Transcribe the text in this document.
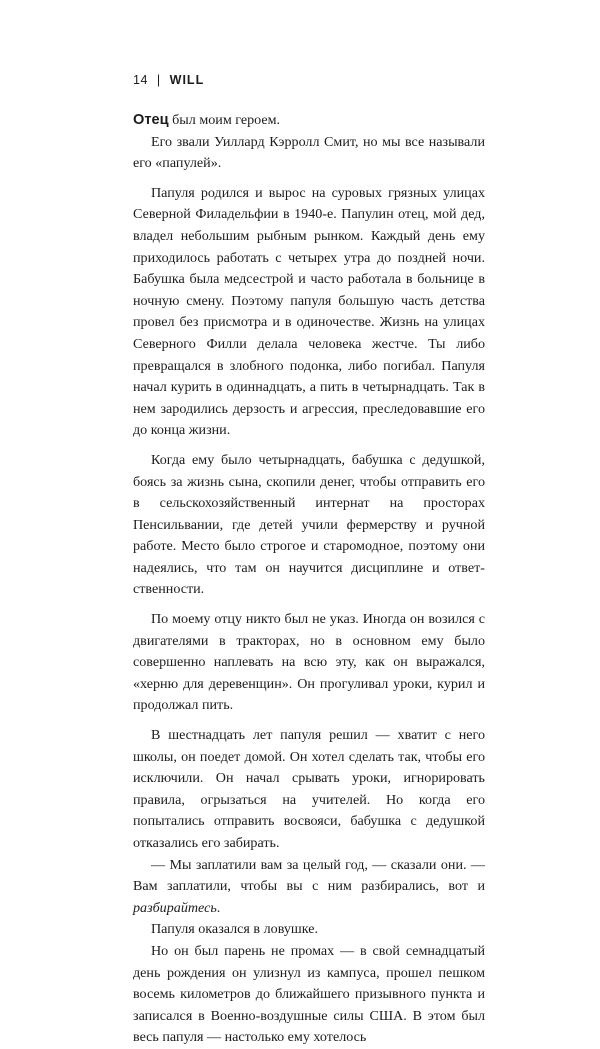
14 | WILL

Отец был моим героем.

Его звали Уиллард Кэрролл Смит, но мы все называли его «папулей».

Папуля родился и вырос на суровых грязных улицах Северной Филадельфии в 1940-е. Папулин отец, мой дед, владел небольшим рыбным рынком. Каждый день ему приходилось работать с четырех утра до поздней ночи. Бабушка была медсестрой и часто работала в больнице в ночную смену. Поэтому папуля большую часть детства провел без присмотра и в одиночестве. Жизнь на улицах Северного Филли делала человека жестче. Ты либо превращался в злобного подонка, либо погибал. Папуля начал курить в одиннадцать, а пить в четырнадцать. Так в нем зародились дерзость и агрессия, преследовавшие его до конца жизни.

Когда ему было четырнадцать, бабушка с дедушкой, боясь за жизнь сына, скопили денег, чтобы отправить его в сельскохозяйственный интернат на просторах Пенсильвании, где детей учили фермерству и ручной работе. Место было строгое и старомодное, поэтому они надеялись, что там он научится дисциплине и ответственности.

По моему отцу никто был не указ. Иногда он возился с двигателями в тракторах, но в основном ему было совершенно наплевать на всю эту, как он выражался, «херню для деревенщин». Он прогуливал уроки, курил и продолжал пить.

В шестнадцать лет папуля решил — хватит с него школы, он поедет домой. Он хотел сделать так, чтобы его исключили. Он начал срывать уроки, игнорировать правила, огрызаться на учителей. Но когда его попытались отправить восвояси, бабушка с дедушкой отказались его забирать.

— Мы заплатили вам за целый год, — сказали они. — Вам заплатили, чтобы вы с ним разбирались, вот и разбирайтесь.

Папуля оказался в ловушке.

Но он был парень не промах — в свой семнадцатый день рождения он улизнул из кампуса, прошел пешком восемь километров до ближайшего призывного пункта и записался в Военно-воздушные силы США. В этом был весь папуля — настолько ему хотелось
